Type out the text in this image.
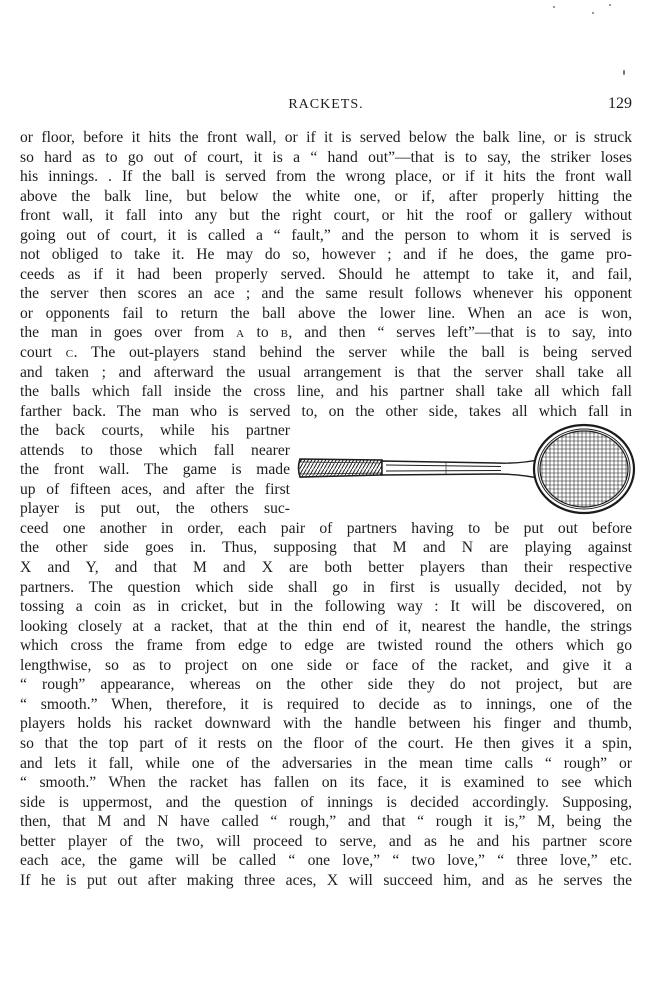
RACKETS.	129
or floor, before it hits the front wall, or if it is served below the balk line, or is struck
so hard as to go out of court, it is a “ hand out”—that is to say, the striker loses
his innings. . If the ball is served from the wrong place, or if it hits the front wall
above the balk line, but below the white one, or if, after properly hitting the
front wall, it fall into any but the right court, or hit the roof or gallery without
going out of court, it is called a “ fault,” and the person to whom it is served is
not obliged to take it. He may do so, however ; and if he does, the game pro-
ceeds as if it had been properly served. Should he attempt to take it, and fail,
the server then scores an ace ; and the same result follows whenever his opponent
or opponents fail to return the ball above the lower line. When an ace is won,
the man in goes over from A to B, and then “ serves left”—that is to say, into
court C. The out-players stand behind the server while the ball is being served
and taken ; and afterward the usual arrangement is that the server shall take all
the balls which fall inside the cross line, and his partner shall take all which fall
farther back. The man who is served to, on the other side, takes all which fall in
the back courts, while his partner
attends to those which fall nearer
the front wall. The game is made
up of fifteen aces, and after the first
player is put out, the others suc-
ceed one another in order, each pair of partners having to be put out before
the other side goes in. Thus, supposing that M and N are playing against
X and Y, and that M and X are both better players than their respective
partners. The question which side shall go in first is usually decided, not by
tossing a coin as in cricket, but in the following way : It will be discovered, on
looking closely at a racket, that at the thin end of it, nearest the handle, the strings
which cross the frame from edge to edge are twisted round the others which go
lengthwise, so as to project on one side or face of the racket, and give it a
“ rough” appearance, whereas on the other side they do not project, but are
“ smooth.” When, therefore, it is required to decide as to innings, one of the
players holds his racket downward with the handle between his finger and thumb,
so that the top part of it rests on the floor of the court. He then gives it a spin,
and lets it fall, while one of the adversaries in the mean time calls “ rough” or
“ smooth.” When the racket has fallen on its face, it is examined to see which
side is uppermost, and the question of innings is decided accordingly. Supposing,
then, that M and N have called “ rough,” and that “ rough it is,” M, being the
better player of the two, will proceed to serve, and as he and his partner score
each ace, the game will be called “ one love,” “ two love,” “ three love,” etc.
If he is put out after making three aces, X will succeed him, and as he serves the
